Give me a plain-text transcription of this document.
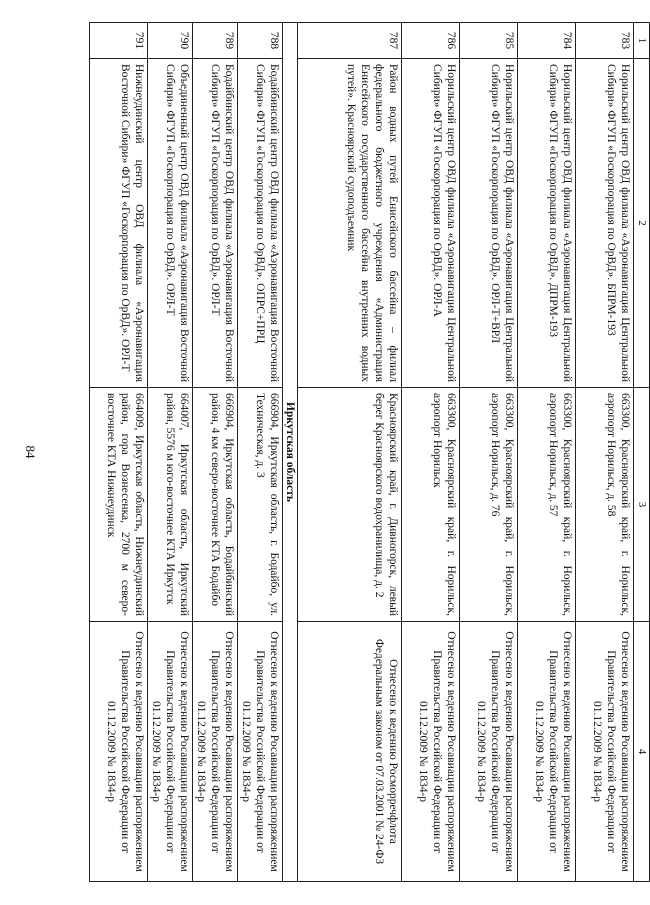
84
1	2	3	4
783	Норильский центр ОВД филиала «Аэронавигация Центральной Сибири» ФГУП «Госкорпорация по ОрВД». БПРМ-193	663300, Красноярский край, г. Норильск, аэропорт Норильск, д. 58	Отнесено к ведению Росавиации распоряжением Правительства Российской Федерации от 01.12.2009 № 1834-р
784	Норильский центр ОВД филиала «Аэронавигация Центральной Сибири» ФГУП «Госкорпорация по ОрВД». ДПРМ-193	663300, Красноярский край, г. Норильск, аэропорт Норильск, д. 57	Отнесено к ведению Росавиации распоряжением Правительства Российской Федерации от 01.12.2009 № 1834-р
785	Норильский центр ОВД филиала «Аэронавигация Центральной Сибири» ФГУП «Госкорпорация по ОрВД». ОРЛ-Т+ВРЛ	663300, Красноярский край, г. Норильск, аэропорт Норильск, д. 76	Отнесено к ведению Росавиации распоряжением Правительства Российской Федерации от 01.12.2009 № 1834-р
786	Норильский центр ОВД филиала «Аэронавигация Центральной Сибири» ФГУП «Госкорпорация по ОрВД». ОРЛ-А	663300, Красноярский край, г. Норильск, аэропорт Норильск	Отнесено к ведению Росавиации распоряжением Правительства Российской Федерации от 01.12.2009 № 1834-р
787	Район водных путей Енисейского бассейна – филиал федерального бюджетного учреждения «Администрация Енисейского государственного бассейна внутренних водных путей». Красноярский судоподъемник	Красноярский край, г. Дивногорск, левый берег Красноярского водохранилища, д. 2	Отнесено к ведению Росморречфлота Федеральным законом от 07.03.2001 № 24-ФЗ
Иркутская область			
788	Бодайбинский центр ОВД филиала «Аэронавигация Восточной Сибири» ФГУП «Госкорпорация по ОрВД». ОПРС+ПРЦ	666904, Иркутская область, г. Бодайбо, ул. Техническая, д. 3	Отнесено к ведению Росавиации распоряжением Правительства Российской Федерации от 01.12.2009 № 1834-р
789	Бодайбинский центр ОВД филиала «Аэронавигация Восточной Сибири» ФГУП «Госкорпорация по ОрВД». ОРЛ-Т	666904, Иркутская область, Бодайбинский район, 4 км северо-восточнее КТА Бодайбо	Отнесено к ведению Росавиации распоряжением Правительства Российской Федерации от 01.12.2009 № 1834-р
790	Объединенный центр ОВД филиала «Аэронавигация Восточной Сибири» ФГУП «Госкорпорация по ОрВД». ОРЛ-Т	664007, Иркутская область, Иркутский район, 5576 м юго-восточнее КТА Иркутск	Отнесено к ведению Росавиации распоряжением Правительства Российской Федерации от 01.12.2009 № 1834-р
791	Нижнеудинский центр ОВД филиала «Аэронавигация Восточной Сибири» ФГУП «Госкорпорация по ОрВД». ОРЛ-Т	664009, Иркутская область, Нижнеудинский район, гора Вознесенка, 2700 м северо-восточнее КТА Нижнеудинск	Отнесено к ведению Росавиации распоряжением Правительства Российской Федерации от 01.12.2009 № 1834-р
